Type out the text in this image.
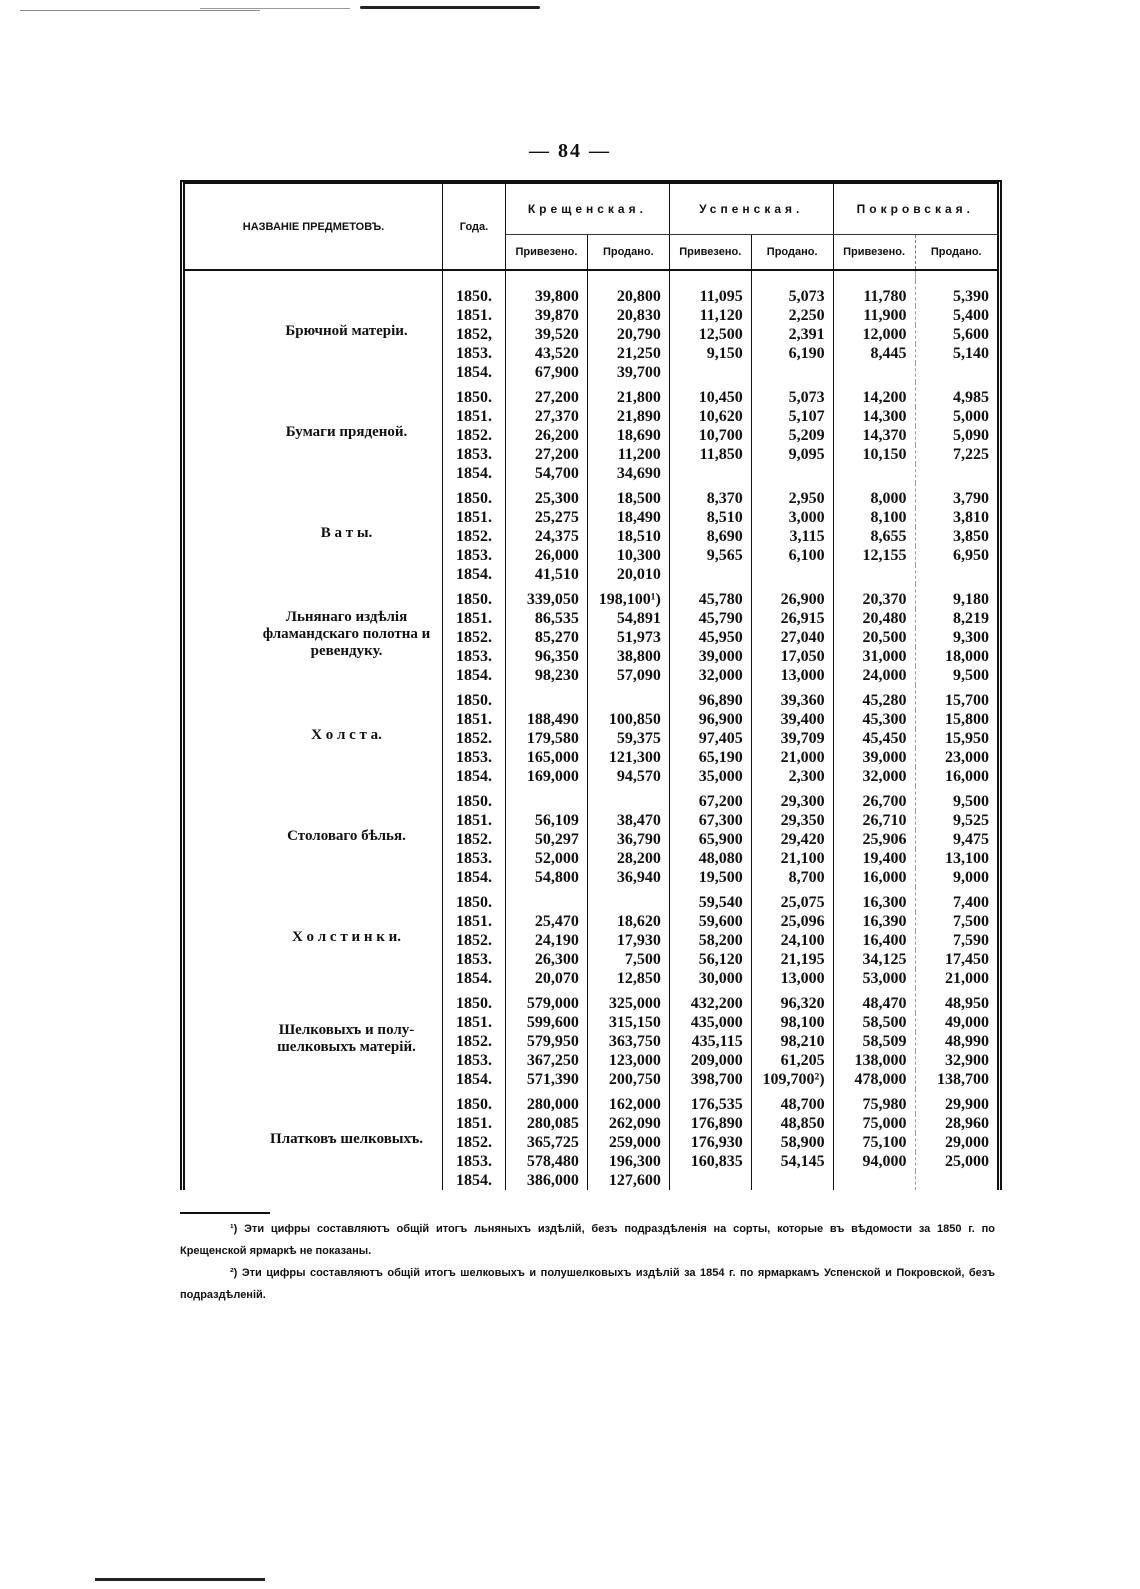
— 84 —
НАЗВАНІЕ ПРЕДМЕТОВЪ.	Года.	Крещенская.		Успенская.		Покровская.	
		Привезено.	Продано.	Привезено.	Продано.	Привезено.	Продано.

Брючной матеріи.	1850.	39,800	20,800	11,095	5,073	11,780	5,390
	1851.	39,870	20,830	11,120	2,250	11,900	5,400
	1852,	39,520	20,790	12,500	2,391	12,000	5,600
	1853.	43,520	21,250	9,150	6,190	8,445	5,140
	1854.	67,900	39,700				
Бумаги пряденой.	1850.	27,200	21,800	10,450	5,073	14,200	4,985
	1851.	27,370	21,890	10,620	5,107	14,300	5,000
	1852.	26,200	18,690	10,700	5,209	14,370	5,090
	1853.	27,200	11,200	11,850	9,095	10,150	7,225
	1854.	54,700	34,690				
В а т ы.	1850.	25,300	18,500	8,370	2,950	8,000	3,790
	1851.	25,275	18,490	8,510	3,000	8,100	3,810
	1852.	24,375	18,510	8,690	3,115	8,655	3,850
	1853.	26,000	10,300	9,565	6,100	12,155	6,950
	1854.	41,510	20,010				
Льнянаго издѣлія фламандскаго полотна и ревендуку.	1850.	339,050	198,100¹)	45,780	26,900	20,370	9,180
	1851.	86,535	54,891	45,790	26,915	20,480	8,219
	1852.	85,270	51,973	45,950	27,040	20,500	9,300
	1853.	96,350	38,800	39,000	17,050	31,000	18,000
	1854.	98,230	57,090	32,000	13,000	24,000	9,500
Х о л с т а.	1850.			96,890	39,360	45,280	15,700
	1851.	188,490	100,850	96,900	39,400	45,300	15,800
	1852.	179,580	59,375	97,405	39,709	45,450	15,950
	1853.	165,000	121,300	65,190	21,000	39,000	23,000
	1854.	169,000	94,570	35,000	2,300	32,000	16,000
Столоваго бѣлья.	1850.			67,200	29,300	26,700	9,500
	1851.	56,109	38,470	67,300	29,350	26,710	9,525
	1852.	50,297	36,790	65,900	29,420	25,906	9,475
	1853.	52,000	28,200	48,080	21,100	19,400	13,100
	1854.	54,800	36,940	19,500	8,700	16,000	9,000
Х о л с т и н к и.	1850.			59,540	25,075	16,300	7,400
	1851.	25,470	18,620	59,600	25,096	16,390	7,500
	1852.	24,190	17,930	58,200	24,100	16,400	7,590
	1853.	26,300	7,500	56,120	21,195	34,125	17,450
	1854.	20,070	12,850	30,000	13,000	53,000	21,000
Шелковыхъ и полу-шелковыхъ матерій.	1850.	579,000	325,000	432,200	96,320	48,470	48,950
	1851.	599,600	315,150	435,000	98,100	58,500	49,000
	1852.	579,950	363,750	435,115	98,210	58,509	48,990
	1853.	367,250	123,000	209,000	61,205	138,000	32,900
	1854.	571,390	200,750	398,700	109,700²)	478,000	138,700
Платковъ шелковыхъ.	1850.	280,000	162,000	176,535	48,700	75,980	29,900
	1851.	280,085	262,090	176,890	48,850	75,000	28,960
	1852.	365,725	259,000	176,930	58,900	75,100	29,000
	1853.	578,480	196,300	160,835	54,145	94,000	25,000
	1854.	386,000	127,600				

¹) Эти цифры составляютъ общій итогъ льняныхъ издѣлій, безъ подраздѣленія на сорты, которые въ вѣдомости за 1850 г. по Крещенской ярмаркѣ не показаны.

²) Эти цифры составляютъ общій итогъ шелковыхъ и полушелковыхъ издѣлій за 1854 г. по ярмаркамъ Успенской и Покровской, безъ подраздѣленій.
